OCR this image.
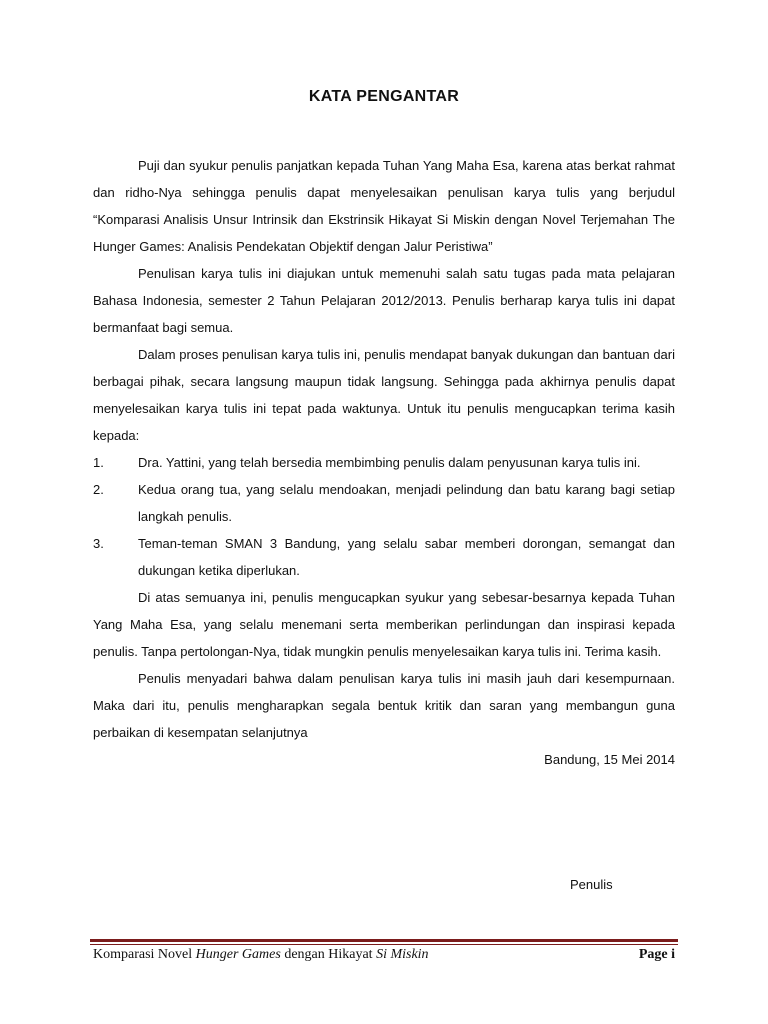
KATA PENGANTAR

Puji dan syukur penulis panjatkan kepada Tuhan Yang Maha Esa, karena atas berkat rahmat dan ridho-Nya sehingga penulis dapat menyelesaikan penulisan karya tulis yang berjudul “Komparasi Analisis Unsur Intrinsik dan Ekstrinsik Hikayat Si Miskin dengan Novel Terjemahan The Hunger Games: Analisis Pendekatan Objektif dengan Jalur Peristiwa”

Penulisan karya tulis ini diajukan untuk memenuhi salah satu tugas pada mata pelajaran Bahasa Indonesia, semester 2 Tahun Pelajaran 2012/2013. Penulis berharap karya tulis ini dapat bermanfaat bagi semua.

Dalam proses penulisan karya tulis ini, penulis mendapat banyak dukungan dan bantuan dari berbagai pihak, secara langsung maupun tidak langsung. Sehingga pada akhirnya penulis dapat menyelesaikan karya tulis ini tepat pada waktunya. Untuk itu penulis mengucapkan terima kasih kepada:

1.	Dra. Yattini, yang telah bersedia membimbing penulis dalam penyusunan karya tulis ini.
2.	Kedua orang tua, yang selalu mendoakan, menjadi pelindung dan batu karang bagi setiap langkah penulis.
3.	Teman-teman SMAN 3 Bandung, yang selalu sabar memberi dorongan, semangat dan dukungan ketika diperlukan.

Di atas semuanya ini, penulis mengucapkan syukur yang sebesar-besarnya kepada Tuhan Yang Maha Esa, yang selalu menemani serta memberikan perlindungan dan inspirasi kepada penulis. Tanpa pertolongan-Nya, tidak mungkin penulis menyelesaikan karya tulis ini. Terima kasih.

Penulis menyadari bahwa dalam penulisan karya tulis ini masih jauh dari kesempurnaan. Maka dari itu, penulis mengharapkan segala bentuk kritik dan saran yang membangun guna perbaikan di kesempatan selanjutnya

Bandung, 15 Mei 2014

Penulis
Komparasi Novel Hunger Games dengan Hikayat Si Miskin	Page i
